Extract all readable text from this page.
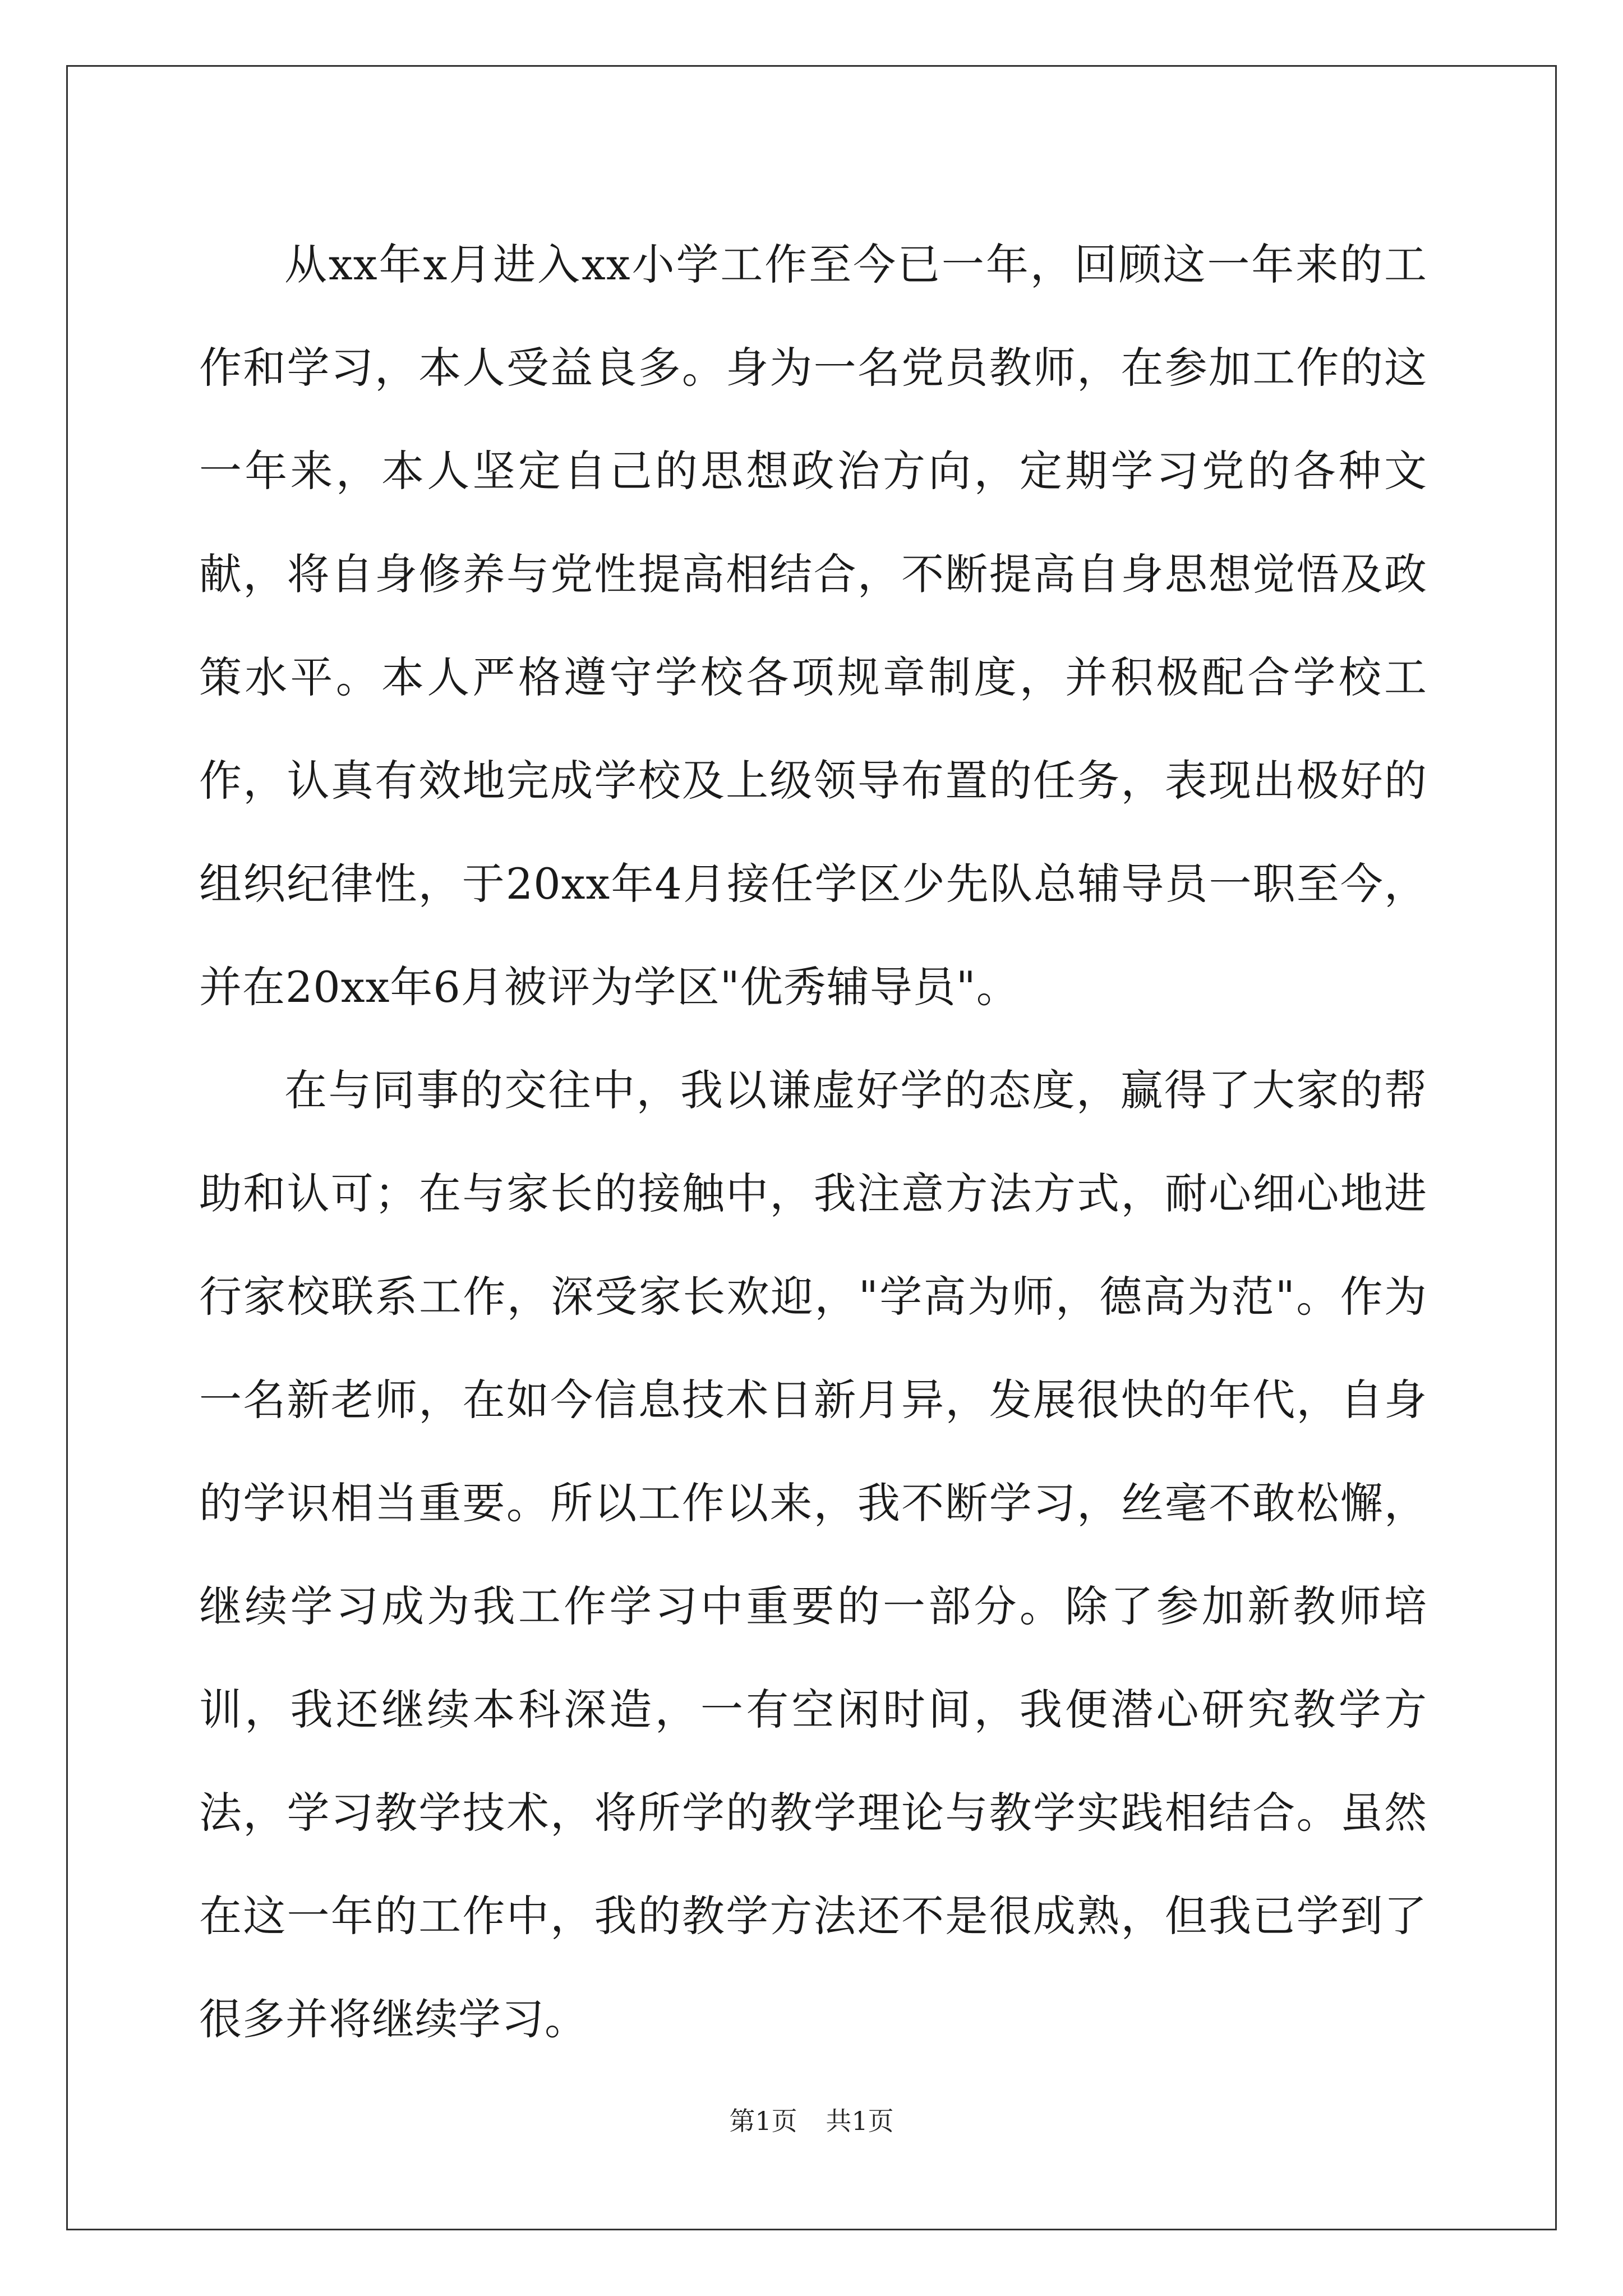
从xx年x月进入xx小学工作至今已一年，回顾这一年来的工作和学习，本人受益良多。身为一名党员教师，在参加工作的这一年来，本人坚定自己的思想政治方向，定期学习党的各种文献，将自身修养与党性提高相结合，不断提高自身思想觉悟及政策水平。本人严格遵守学校各项规章制度，并积极配合学校工作，认真有效地完成学校及上级领导布置的任务，表现出极好的组织纪律性，于20xx年4月接任学区少先队总辅导员一职至今，并在20xx年6月被评为学区"优秀辅导员"。

在与同事的交往中，我以谦虚好学的态度，赢得了大家的帮助和认可；在与家长的接触中，我注意方法方式，耐心细心地进行家校联系工作，深受家长欢迎，"学高为师，德高为范"。作为一名新老师，在如今信息技术日新月异，发展很快的年代，自身的学识相当重要。所以工作以来，我不断学习，丝毫不敢松懈，继续学习成为我工作学习中重要的一部分。除了参加新教师培训，我还继续本科深造，一有空闲时间，我便潜心研究教学方法，学习教学技术，将所学的教学理论与教学实践相结合。虽然在这一年的工作中，我的教学方法还不是很成熟，但我已学到了很多并将继续学习。

第1页 共1页
